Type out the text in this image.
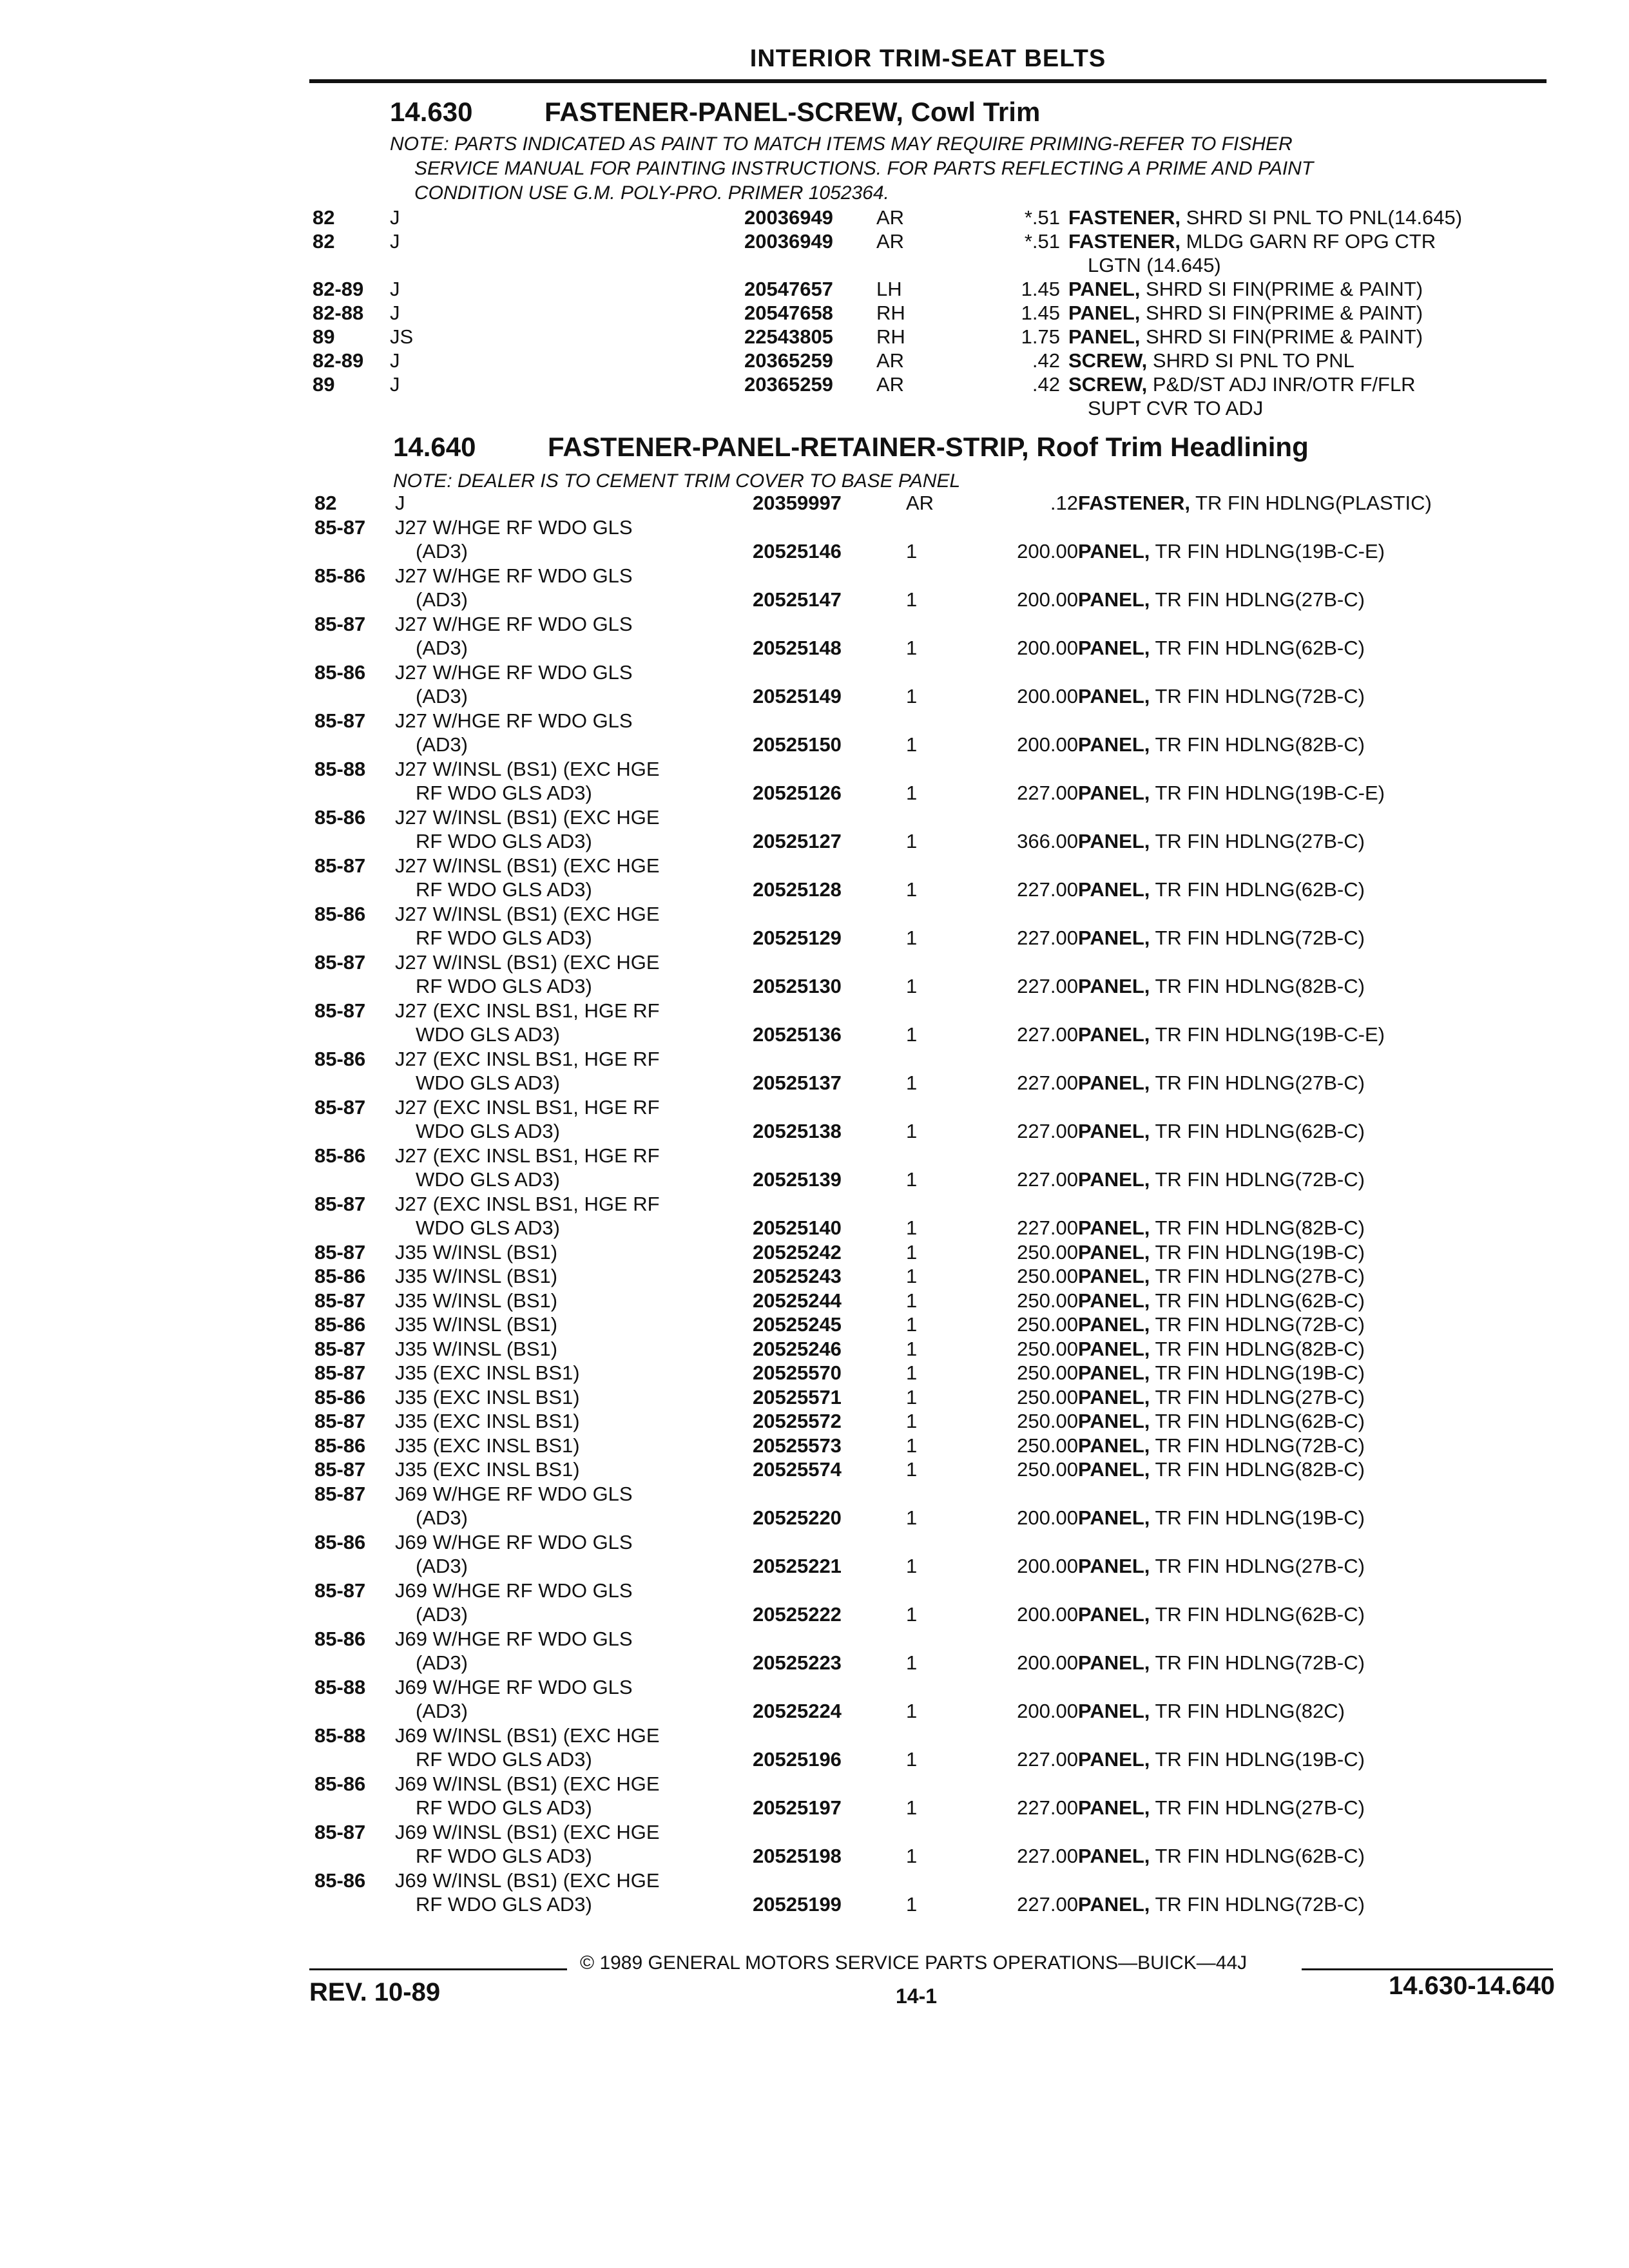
INTERIOR TRIM-SEAT BELTS
14.630	FASTENER-PANEL-SCREW, Cowl Trim
NOTE: PARTS INDICATED AS PAINT TO MATCH ITEMS MAY REQUIRE PRIMING-REFER TO FISHER
SERVICE MANUAL FOR PAINTING INSTRUCTIONS. FOR PARTS REFLECTING A PRIME AND PAINT
CONDITION USE G.M. POLY-PRO. PRIMER 1052364.
82	J	20036949 AR	*.51 FASTENER, SHRD SI PNL TO PNL(14.645)
82	J	20036949 AR	*.51 FASTENER, MLDG GARN RF OPG CTR
LGTN (14.645)
82-89 J	20547657 LH	1.45 PANEL, SHRD SI FIN(PRIME & PAINT)
82-88 J	20547658 RH	1.45 PANEL, SHRD SI FIN(PRIME & PAINT)
89	JS	22543805 RH	1.75 PANEL, SHRD SI FIN(PRIME & PAINT)
82-89 J	20365259 AR	.42 SCREW, SHRD SI PNL TO PNL
89	J	20365259 AR	.42 SCREW, P&D/ST ADJ INR/OTR F/FLR
SUPT CVR TO ADJ
14.640	FASTENER-PANEL-RETAINER-STRIP, Roof Trim Headlining
NOTE: DEALER IS TO CEMENT TRIM COVER TO BASE PANEL
82	J	20359997	AR	.12 FASTENER, TR FIN HDLNG(PLASTIC)
85-87 J27 W/HGE RF WDO GLS
(AD3)	20525146	1	200.00 PANEL, TR FIN HDLNG(19B-C-E)
85-86 J27 W/HGE RF WDO GLS
(AD3)	20525147	1	200.00 PANEL, TR FIN HDLNG(27B-C)
85-87 J27 W/HGE RF WDO GLS
(AD3)	20525148	1	200.00 PANEL, TR FIN HDLNG(62B-C)
85-86 J27 W/HGE RF WDO GLS
(AD3)	20525149	1	200.00 PANEL, TR FIN HDLNG(72B-C)
85-87 J27 W/HGE RF WDO GLS
(AD3)	20525150	1	200.00 PANEL, TR FIN HDLNG(82B-C)
85-88 J27 W/INSL (BS1) (EXC HGE
RF WDO GLS AD3)	20525126	1	227.00 PANEL, TR FIN HDLNG(19B-C-E)
85-86 J27 W/INSL (BS1) (EXC HGE
RF WDO GLS AD3)	20525127	1	366.00 PANEL, TR FIN HDLNG(27B-C)
85-87 J27 W/INSL (BS1) (EXC HGE
RF WDO GLS AD3)	20525128	1	227.00 PANEL, TR FIN HDLNG(62B-C)
85-86 J27 W/INSL (BS1) (EXC HGE
RF WDO GLS AD3)	20525129	1	227.00 PANEL, TR FIN HDLNG(72B-C)
85-87 J27 W/INSL (BS1) (EXC HGE
RF WDO GLS AD3)	20525130	1	227.00 PANEL, TR FIN HDLNG(82B-C)
85-87 J27 (EXC INSL BS1, HGE RF
WDO GLS AD3)	20525136	1	227.00 PANEL, TR FIN HDLNG(19B-C-E)
85-86 J27 (EXC INSL BS1, HGE RF
WDO GLS AD3)	20525137	1	227.00 PANEL, TR FIN HDLNG(27B-C)
85-87 J27 (EXC INSL BS1, HGE RF
WDO GLS AD3)	20525138	1	227.00 PANEL, TR FIN HDLNG(62B-C)
85-86 J27 (EXC INSL BS1, HGE RF
WDO GLS AD3)	20525139	1	227.00 PANEL, TR FIN HDLNG(72B-C)
85-87 J27 (EXC INSL BS1, HGE RF
WDO GLS AD3)	20525140	1	227.00 PANEL, TR FIN HDLNG(82B-C)
85-87 J35 W/INSL (BS1)	20525242	1	250.00 PANEL, TR FIN HDLNG(19B-C)
85-86 J35 W/INSL (BS1)	20525243	1	250.00 PANEL, TR FIN HDLNG(27B-C)
85-87 J35 W/INSL (BS1)	20525244	1	250.00 PANEL, TR FIN HDLNG(62B-C)
85-86 J35 W/INSL (BS1)	20525245	1	250.00 PANEL, TR FIN HDLNG(72B-C)
85-87 J35 W/INSL (BS1)	20525246	1	250.00 PANEL, TR FIN HDLNG(82B-C)
85-87 J35 (EXC INSL BS1)	20525570	1	250.00 PANEL, TR FIN HDLNG(19B-C)
85-86 J35 (EXC INSL BS1)	20525571	1	250.00 PANEL, TR FIN HDLNG(27B-C)
85-87 J35 (EXC INSL BS1)	20525572	1	250.00 PANEL, TR FIN HDLNG(62B-C)
85-86 J35 (EXC INSL BS1)	20525573	1	250.00 PANEL, TR FIN HDLNG(72B-C)
85-87 J35 (EXC INSL BS1)	20525574	1	250.00 PANEL, TR FIN HDLNG(82B-C)
85-87 J69 W/HGE RF WDO GLS
(AD3)	20525220	1	200.00 PANEL, TR FIN HDLNG(19B-C)
85-86 J69 W/HGE RF WDO GLS
(AD3)	20525221	1	200.00 PANEL, TR FIN HDLNG(27B-C)
85-87 J69 W/HGE RF WDO GLS
(AD3)	20525222	1	200.00 PANEL, TR FIN HDLNG(62B-C)
85-86 J69 W/HGE RF WDO GLS
(AD3)	20525223	1	200.00 PANEL, TR FIN HDLNG(72B-C)
85-88 J69 W/HGE RF WDO GLS
(AD3)	20525224	1	200.00 PANEL, TR FIN HDLNG(82C)
85-88 J69 W/INSL (BS1) (EXC HGE
RF WDO GLS AD3)	20525196	1	227.00 PANEL, TR FIN HDLNG(19B-C)
85-86 J69 W/INSL (BS1) (EXC HGE
RF WDO GLS AD3)	20525197	1	227.00 PANEL, TR FIN HDLNG(27B-C)
85-87 J69 W/INSL (BS1) (EXC HGE
RF WDO GLS AD3)	20525198	1	227.00 PANEL, TR FIN HDLNG(62B-C)
85-86 J69 W/INSL (BS1) (EXC HGE
RF WDO GLS AD3)	20525199	1	227.00 PANEL, TR FIN HDLNG(72B-C)
© 1989 GENERAL MOTORS SERVICE PARTS OPERATIONS—BUICK—44J
REV. 10-89	14-1	14.630-14.640
